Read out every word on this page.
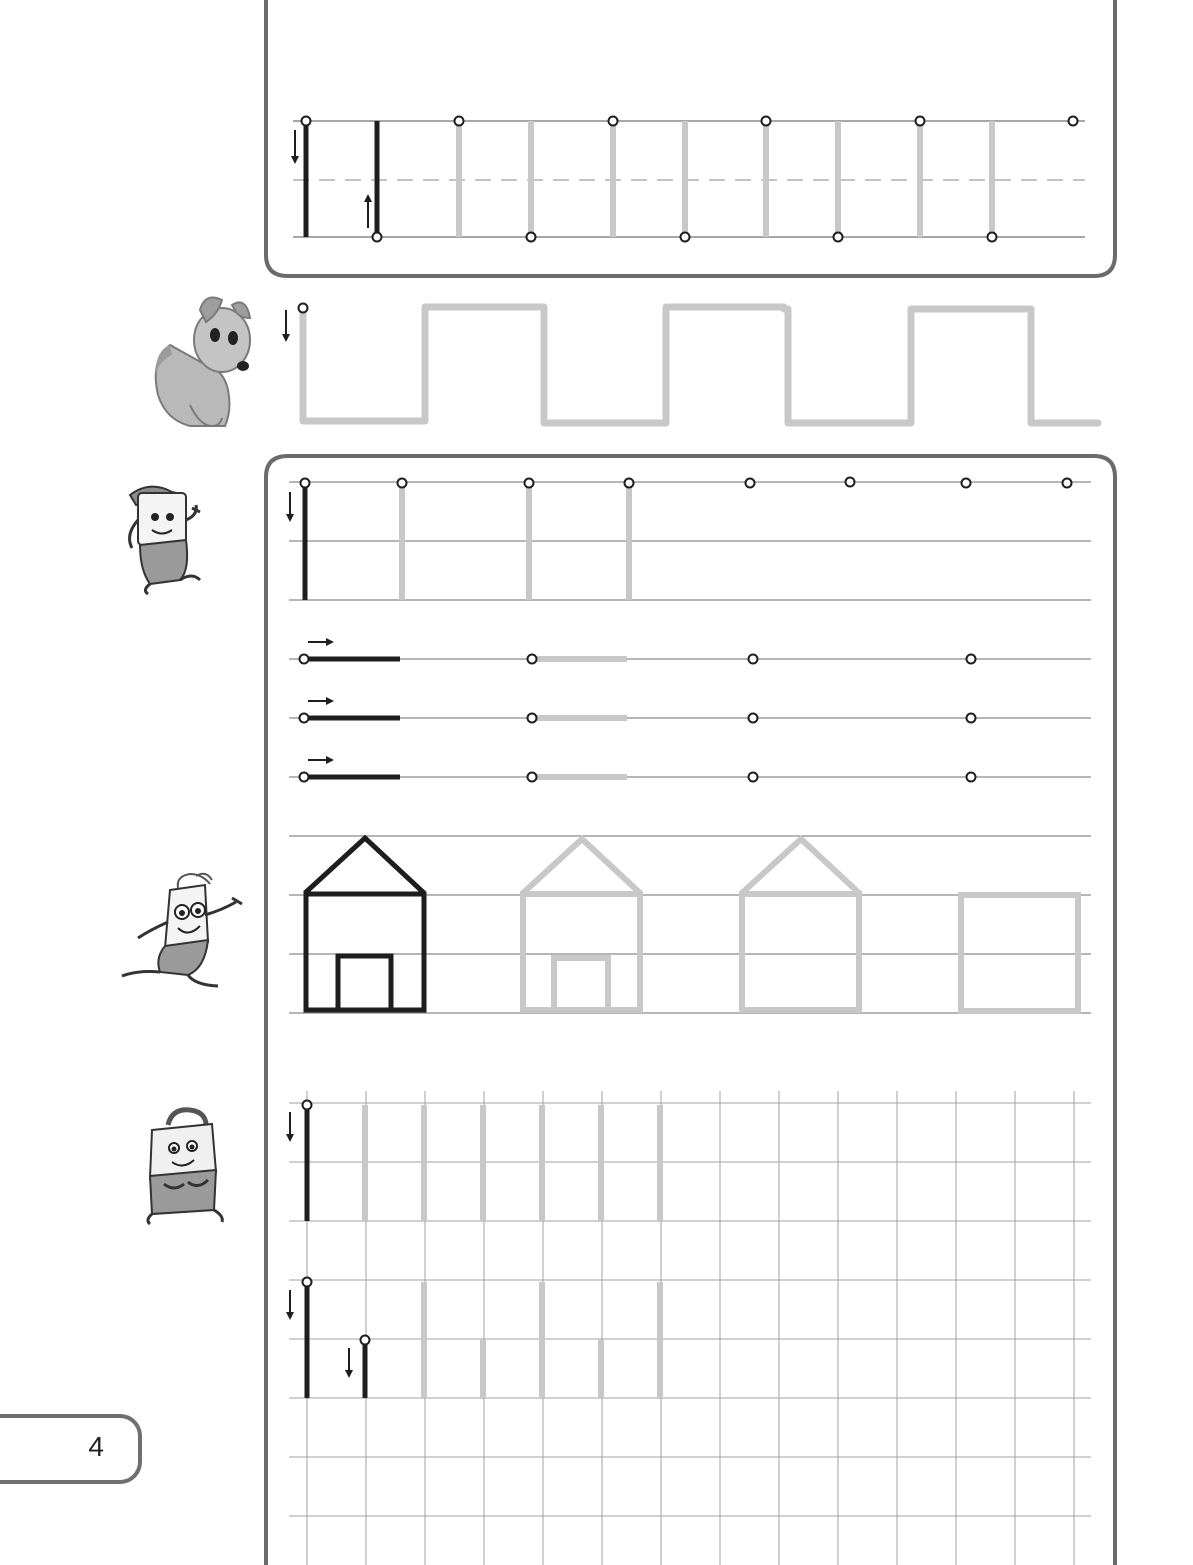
4
